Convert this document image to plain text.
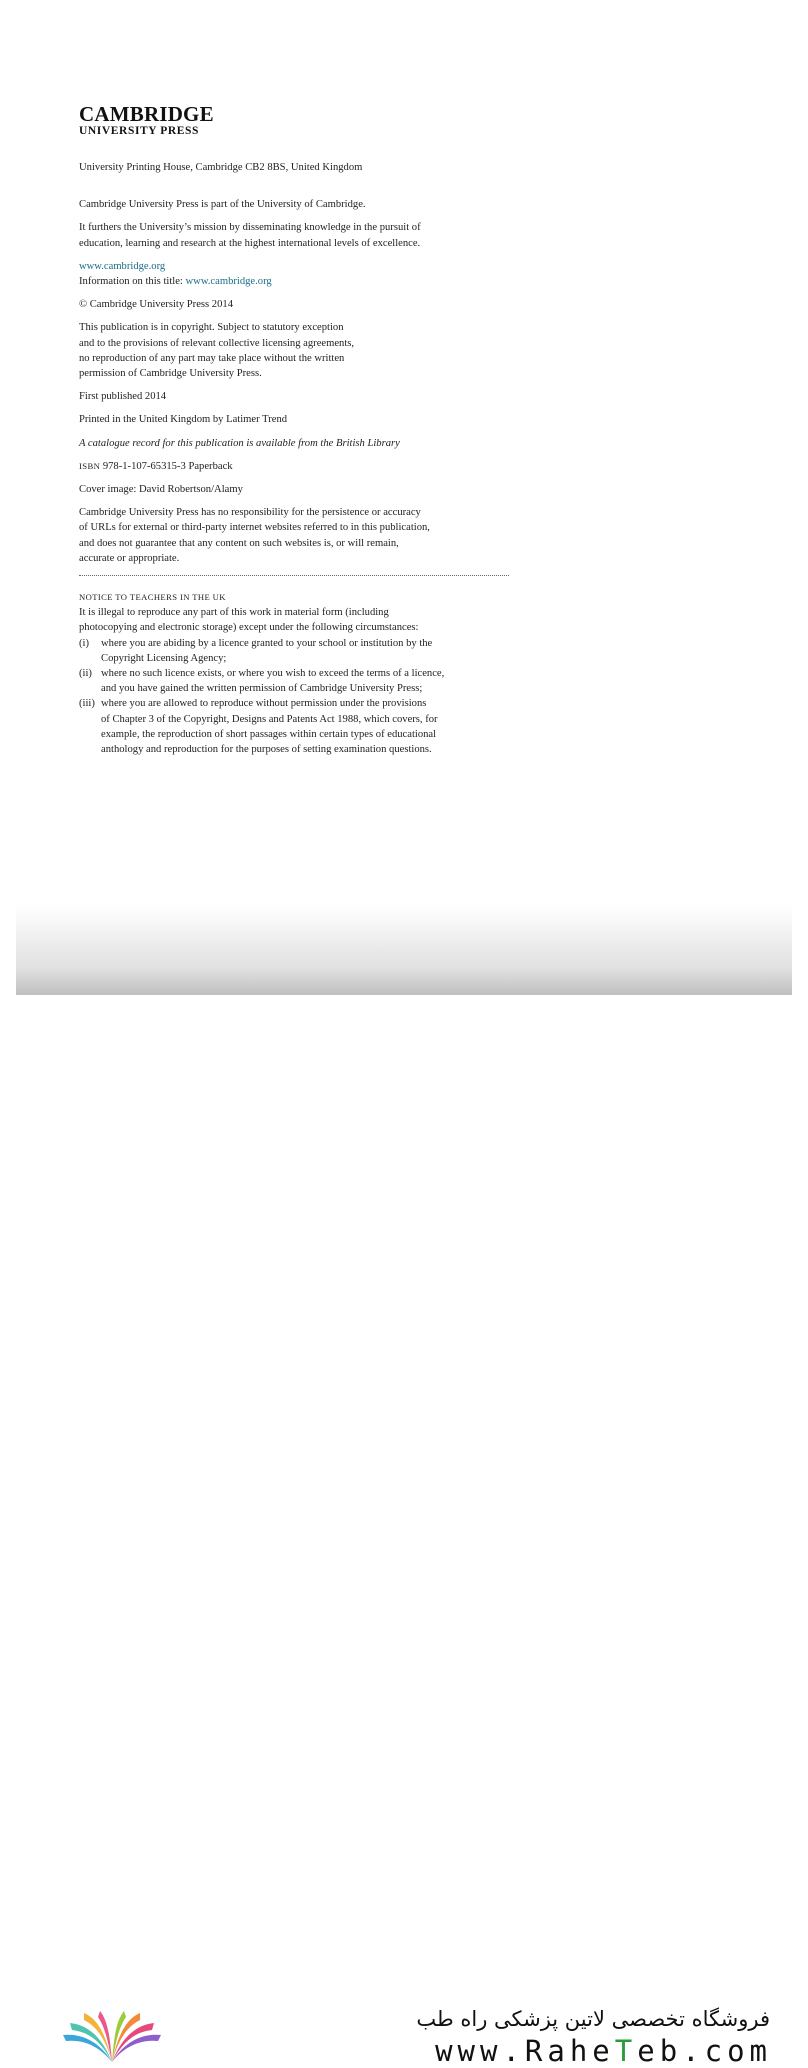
CAMBRIDGE
UNIVERSITY PRESS

University Printing House, Cambridge CB2 8BS, United Kingdom

Cambridge University Press is part of the University of Cambridge.

It furthers the University’s mission by disseminating knowledge in the pursuit of
education, learning and research at the highest international levels of excellence.

www.cambridge.org
Information on this title: www.cambridge.org

© Cambridge University Press 2014

This publication is in copyright. Subject to statutory exception
and to the provisions of relevant collective licensing agreements,
no reproduction of any part may take place without the written
permission of Cambridge University Press.

First published 2014

Printed in the United Kingdom by Latimer Trend

A catalogue record for this publication is available from the British Library

ISBN 978-1-107-65315-3 Paperback

Cover image: David Robertson/Alamy

Cambridge University Press has no responsibility for the persistence or accuracy
of URLs for external or third-party internet websites referred to in this publication,
and does not guarantee that any content on such websites is, or will remain,
accurate or appropriate.

NOTICE TO TEACHERS IN THE UK
It is illegal to reproduce any part of this work in material form (including
photocopying and electronic storage) except under the following circumstances:
(i)	where you are abiding by a licence granted to your school or institution by the
Copyright Licensing Agency;
(ii) where no such licence exists, or where you wish to exceed the terms of a licence,
and you have gained the written permission of Cambridge University Press;
(iii) where you are allowed to reproduce without permission under the provisions
of Chapter 3 of the Copyright, Designs and Patents Act 1988, which covers, for
example, the reproduction of short passages within certain types of educational
anthology and reproduction for the purposes of setting examination questions.
فروشگاه تخصصی لاتین پزشکی راه طب
www.RaheTeb.com
